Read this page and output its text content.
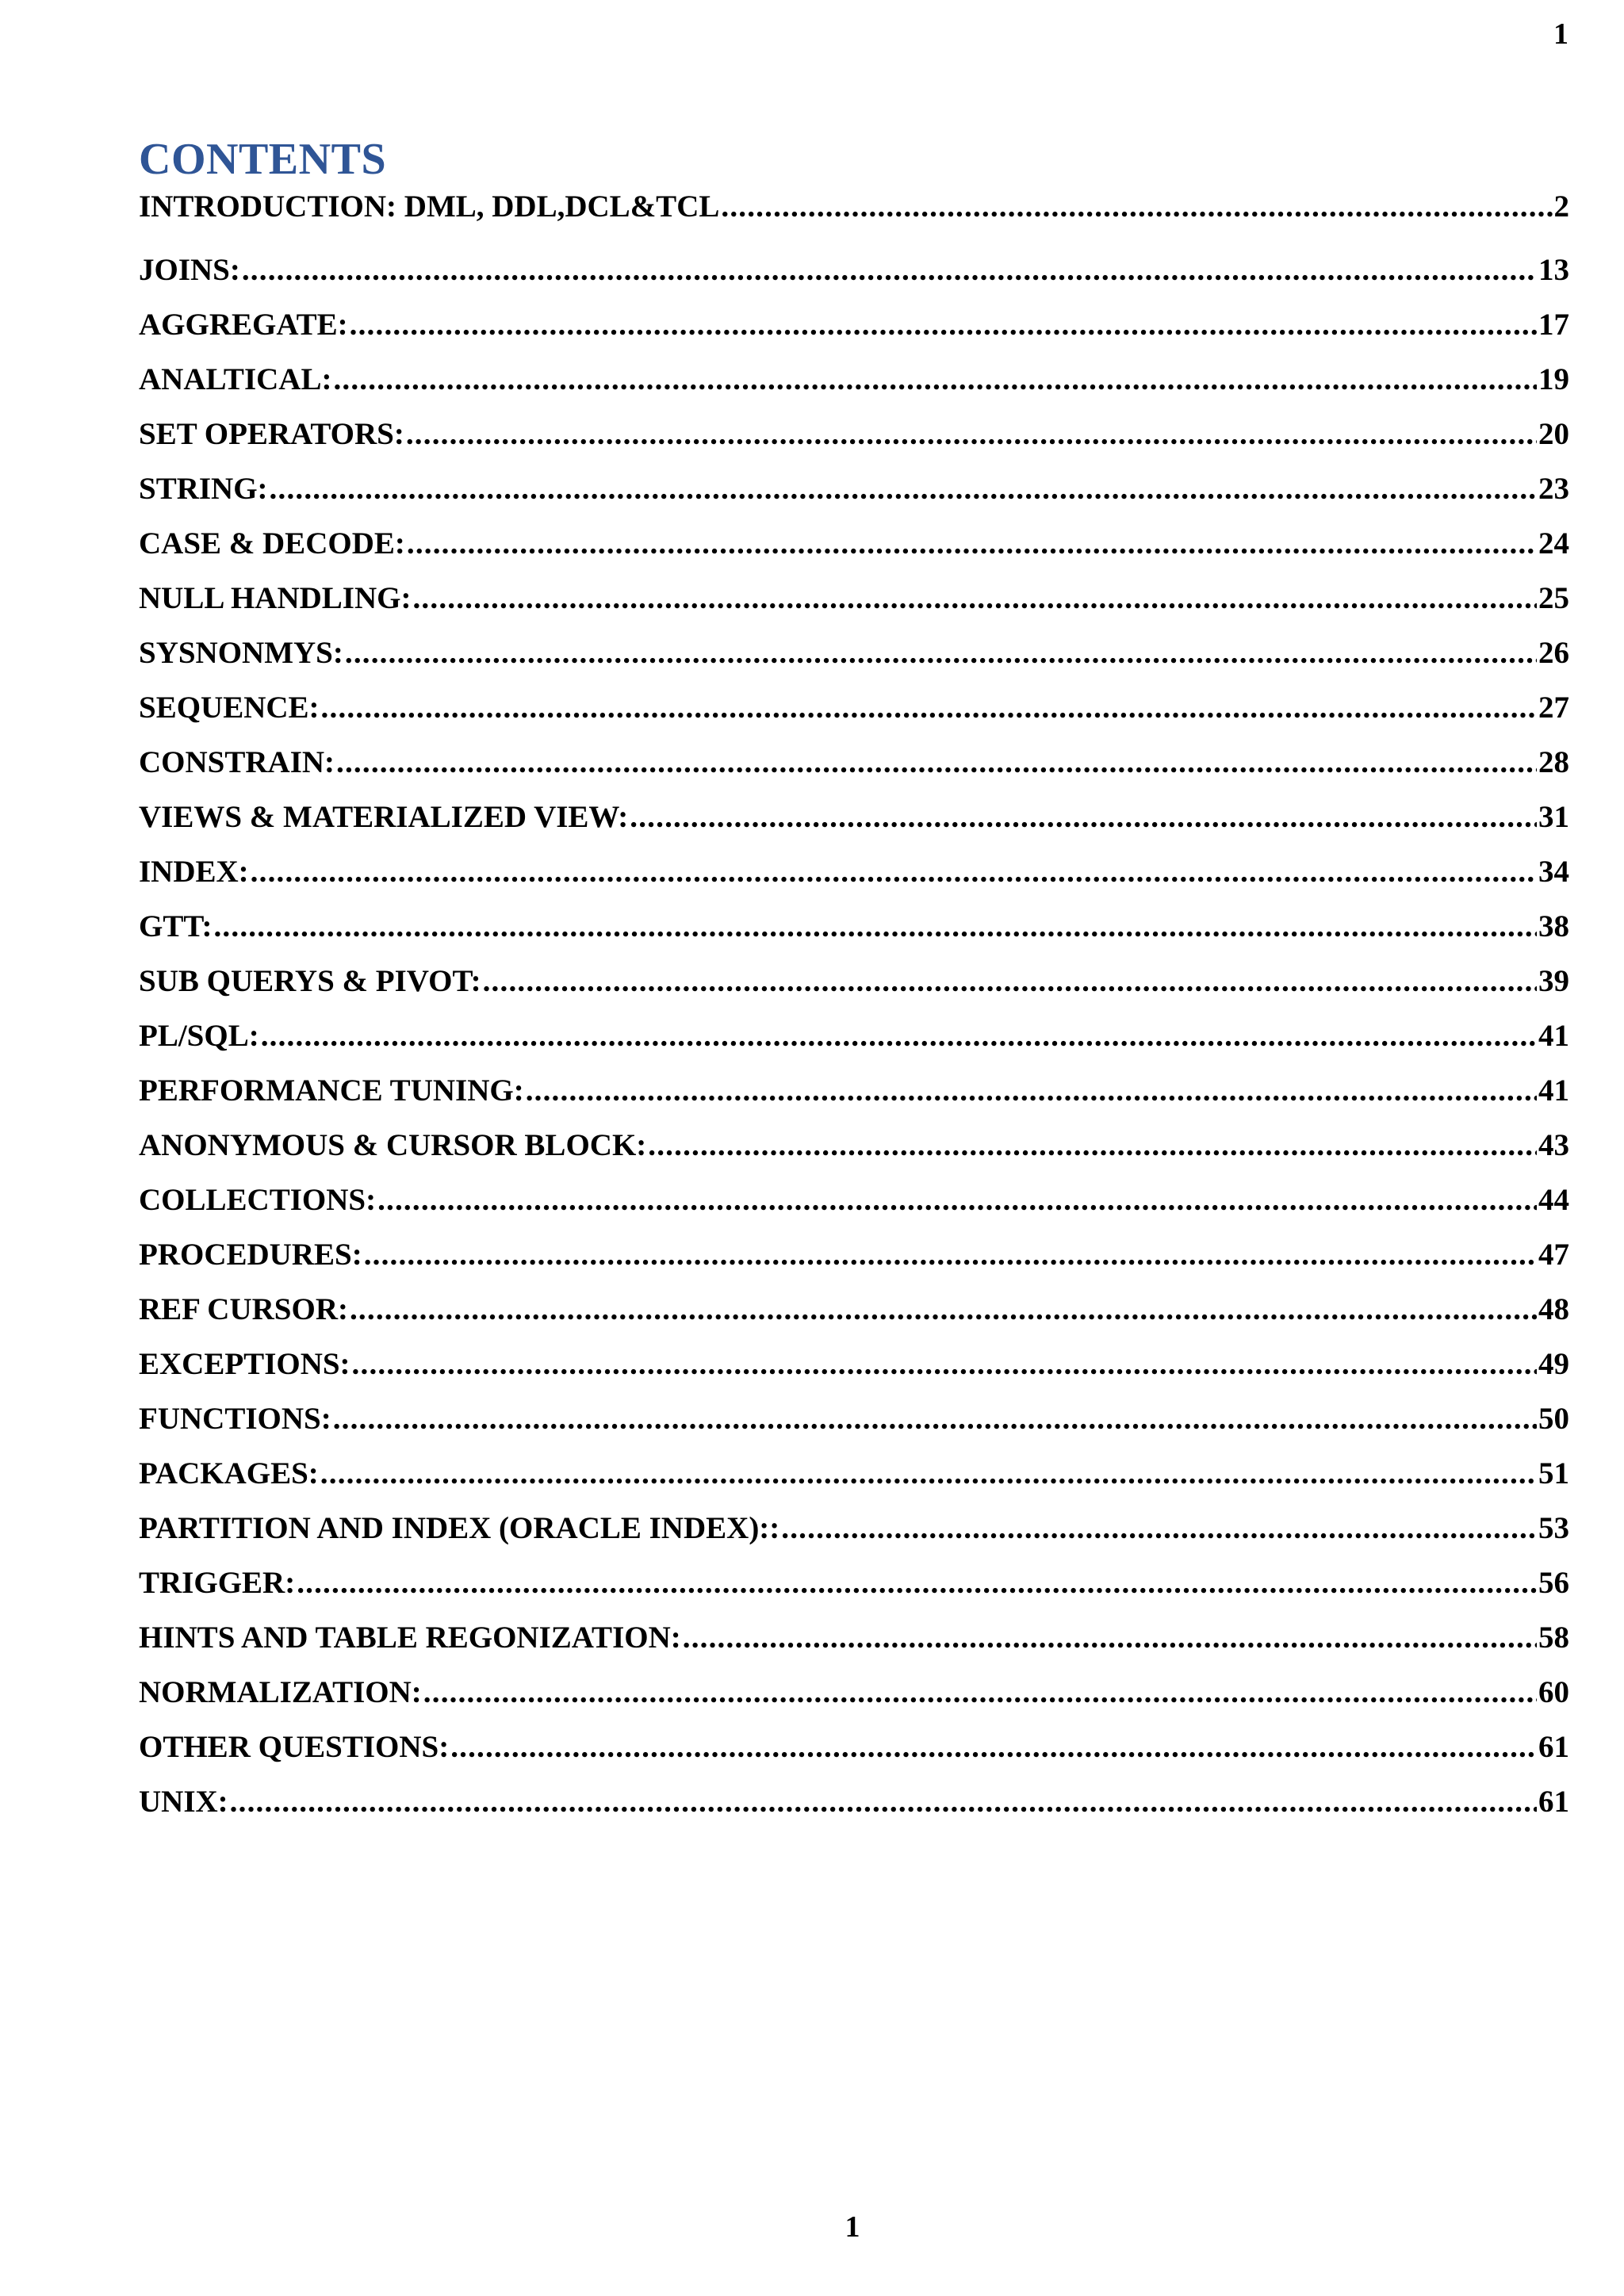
1
CONTENTS
INTRODUCTION: DML, DDL,DCL&TCL .....	2
JOINS: .....	13
AGGREGATE: .....	17
ANALTICAL: .....	19
SET OPERATORS: .....	20
STRING: .....	23
CASE & DECODE: .....	24
NULL HANDLING: .....	25
SYSNONMYS: .....	26
SEQUENCE: .....	27
CONSTRAIN: .....	28
VIEWS & MATERIALIZED VIEW: .....	31
INDEX: .....	34
GTT: .....	38
SUB QUERYS & PIVOT: .....	39
PL/SQL: .....	41
PERFORMANCE TUNING: .....	41
ANONYMOUS & CURSOR BLOCK: .....	43
COLLECTIONS: .....	44
PROCEDURES: .....	47
REF CURSOR: .....	48
EXCEPTIONS: .....	49
FUNCTIONS: .....	50
PACKAGES: .....	51
PARTITION AND INDEX (ORACLE INDEX):: .....	53
TRIGGER: .....	56
HINTS AND TABLE REGONIZATION: .....	58
NORMALIZATION: .....	60
OTHER QUESTIONS: .....	61
UNIX: .....	61
1
